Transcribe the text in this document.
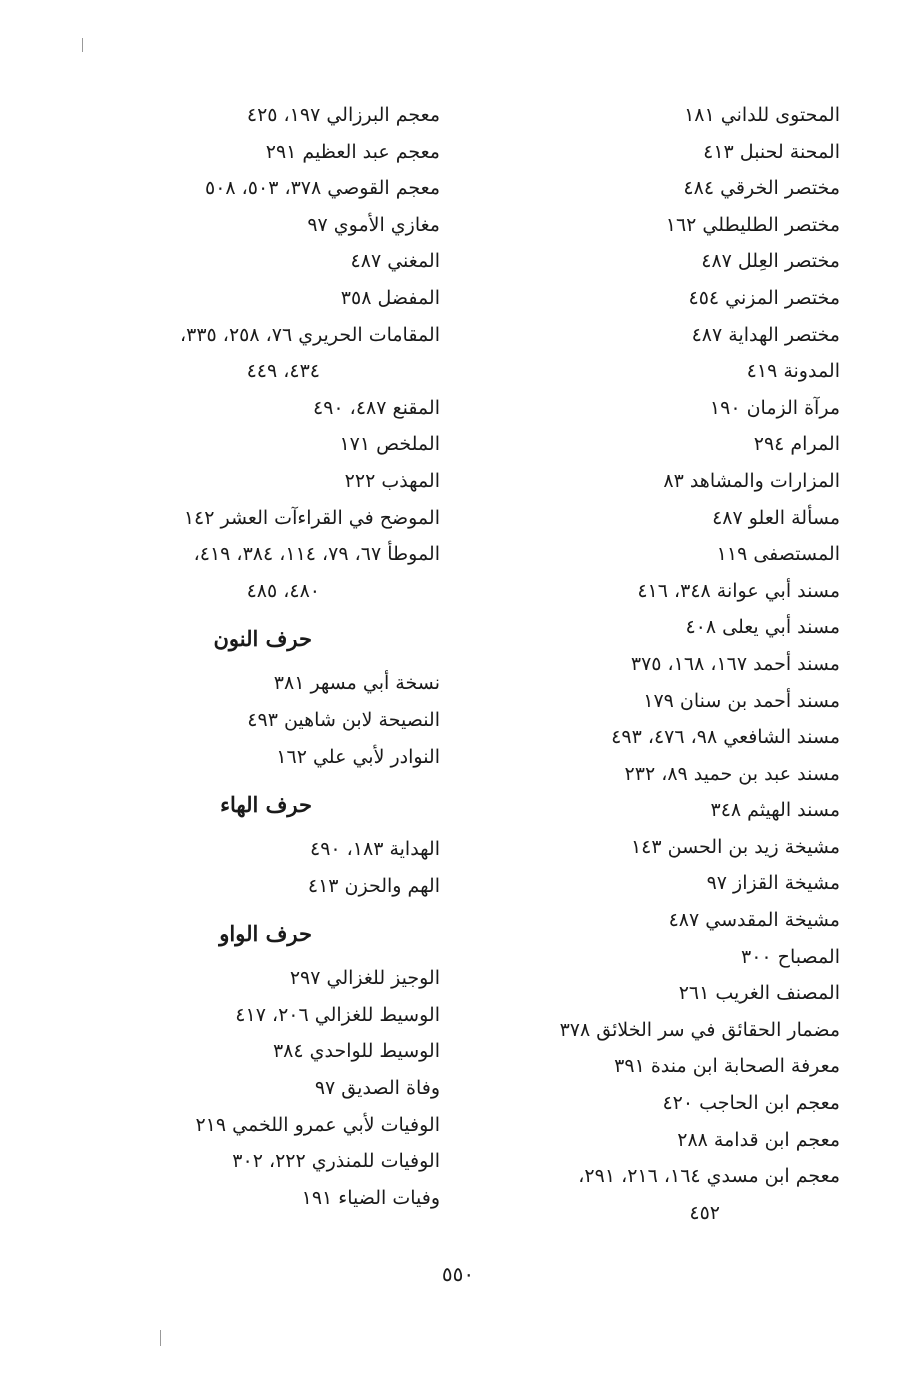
المحتوى للداني ١٨١
المحنة لحنبل ٤١٣
مختصر الخرقي ٤٨٤
مختصر الطليطلي ١٦٢
مختصر العِلل ٤٨٧
مختصر المزني ٤٥٤
مختصر الهداية ٤٨٧
المدونة ٤١٩
مرآة الزمان ١٩٠
المرام ٢٩٤
المزارات والمشاهد ٨٣
مسألة العلو ٤٨٧
المستصفى ١١٩
مسند أبي عوانة ٣٤٨، ٤١٦
مسند أبي يعلى ٤٠٨
مسند أحمد ١٦٧، ١٦٨، ٣٧٥
مسند أحمد بن سنان ١٧٩
مسند الشافعي ٩٨، ٤٧٦، ٤٩٣
مسند عبد بن حميد ٨٩، ٢٣٢
مسند الهيثم ٣٤٨
مشيخة زيد بن الحسن ١٤٣
مشيخة القزاز ٩٧
مشيخة المقدسي ٤٨٧
المصباح ٣٠٠
المصنف الغريب ٢٦١
مضمار الحقائق في سر الخلائق ٣٧٨
معرفة الصحابة ابن مندة ٣٩١
معجم ابن الحاجب ٤٢٠
معجم ابن قدامة ٢٨٨
معجم ابن مسدي ١٦٤، ٢١٦، ٢٩١،
٤٥٢
معجم البرزالي ١٩٧، ٤٢٥
معجم عبد العظيم ٢٩١
معجم القوصي ٣٧٨، ٥٠٣، ٥٠٨
مغازي الأموي ٩٧
المغني ٤٨٧
المفضل ٣٥٨
المقامات الحريري ٧٦، ٢٥٨، ٣٣٥،
٤٣٤، ٤٤٩
المقنع ٤٨٧، ٤٩٠
الملخص ١٧١
المهذب ٢٢٢
الموضح في القراءآت العشر ١٤٢
الموطأ ٦٧، ٧٩، ١١٤، ٣٨٤، ٤١٩،
٤٨٠، ٤٨٥
حرف النون
نسخة أبي مسهر ٣٨١
النصيحة لابن شاهين ٤٩٣
النوادر لأبي علي ١٦٢
حرف الهاء
الهداية ١٨٣، ٤٩٠
الهم والحزن ٤١٣
حرف الواو
الوجيز للغزالي ٢٩٧
الوسيط للغزالي ٢٠٦، ٤١٧
الوسيط للواحدي ٣٨٤
وفاة الصديق ٩٧
الوفيات لأبي عمرو اللخمي ٢١٩
الوفيات للمنذري ٢٢٢، ٣٠٢
وفيات الضياء ١٩١
٥٥٠
